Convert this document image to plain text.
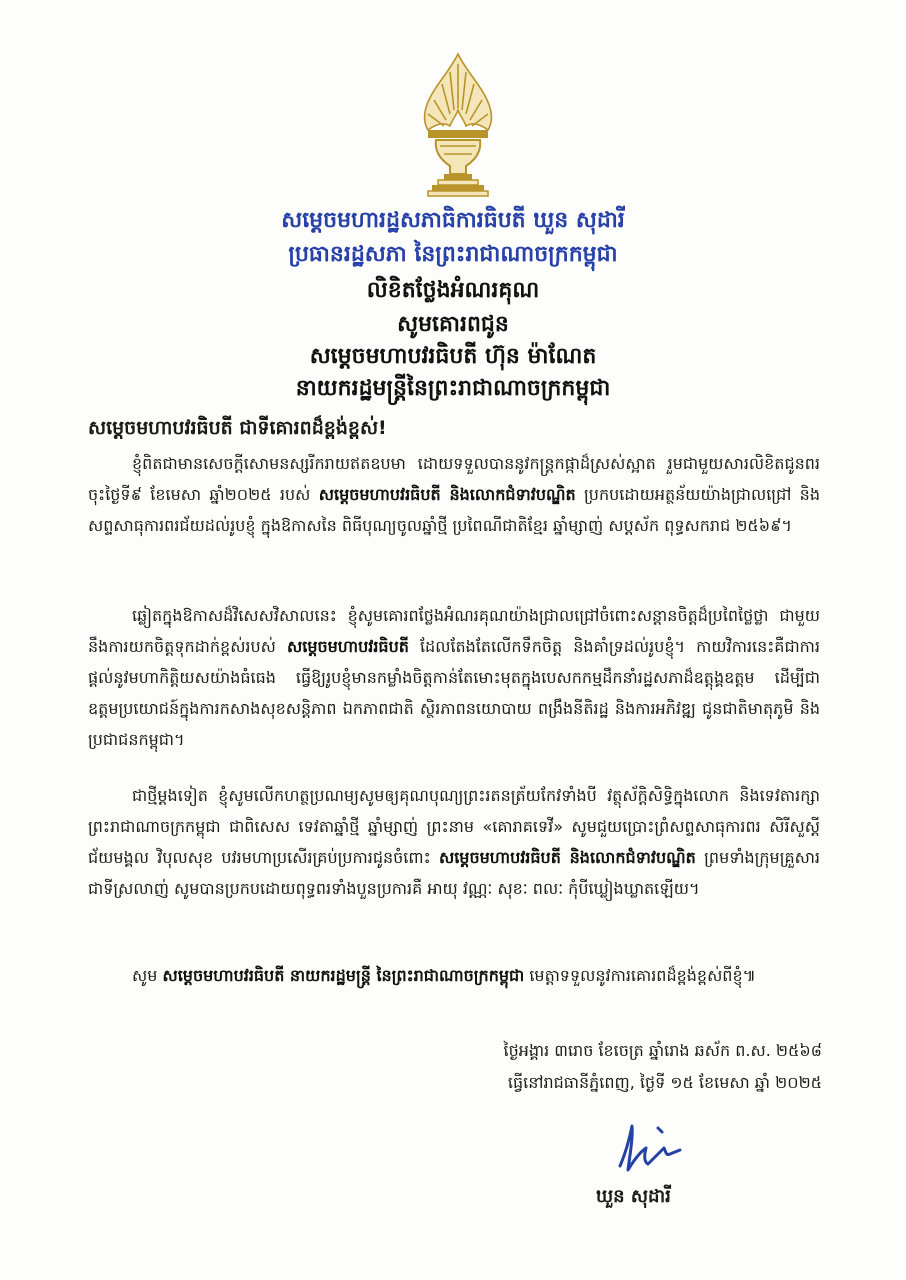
សម្តេចមហារដ្ឋសភាធិការធិបតី ឃួន សុដារី
ប្រធានរដ្ឋសភា នៃព្រះរាជាណាចក្រកម្ពុជា
លិខិតថ្លែងអំណរគុណ
សូមគោរពជូន
សម្តេចមហាបវរធិបតី ហ៊ុន ម៉ាណែត
នាយករដ្ឋមន្ត្រីនៃព្រះរាជាណាចក្រកម្ពុជា
សម្តេចមហាបវរធិបតី ជាទីគោរពដ៏ខ្ពង់ខ្ពស់!
ខ្ញុំពិតជាមានសេចក្តីសោមនស្សរីករាយឥតឧបមា ដោយទទួលបាននូវកន្ត្រកផ្កាដ៏ស្រស់ស្អាត រួមជាមួយសារលិខិតជូនពរចុះថ្ងៃទី៩ ខែមេសា ឆ្នាំ២០២៥ របស់ សម្តេចមហាបវរធិបតី និងលោកជំទាវបណ្ឌិត ប្រកបដោយអត្ថន័យយ៉ាងជ្រាលជ្រៅ និងសព្ទសាធុការពរជ័យដល់រូបខ្ញុំ ក្នុងឱកាសនៃ ពិធីបុណ្យចូលឆ្នាំថ្មី ប្រពៃណីជាតិខ្មែរ ឆ្នាំម្សាញ់ សប្តស័ក ពុទ្ធសករាជ ២៥៦៩។
ឆ្លៀតក្នុងឱកាសដ៏វិសេសវិសាលនេះ ខ្ញុំសូមគោរពថ្លែងអំណរគុណយ៉ាងជ្រាលជ្រៅចំពោះសន្តានចិត្តដ៏ប្រពៃថ្លៃថ្លា ជាមួយនឹងការយកចិត្តទុកដាក់ខ្ពស់របស់ សម្តេចមហាបវរធិបតី ដែលតែងតែលើកទឹកចិត្ត និងគាំទ្រដល់រូបខ្ញុំ។ កាយវិការនេះគឺជាការផ្តល់នូវមហាកិត្តិយសយ៉ាងធំធេង ធ្វើឱ្យរូបខ្ញុំមានកម្លាំងចិត្តកាន់តែមោះមុតក្នុងបេសកកម្មដឹកនាំរដ្ឋសភាដ៏ឧត្តុង្គឧត្តម ដើម្បីជាឧត្តមប្រយោជន៍ក្នុងការកសាងសុខសន្តិភាព ឯកភាពជាតិ ស្ថិរភាពនយោបាយ ពង្រឹងនីតិរដ្ឋ និងការអភិវឌ្ឍ ជូនជាតិមាតុភូមិ និងប្រជាជនកម្ពុជា។
ជាថ្មីម្តងទៀត ខ្ញុំសូមលើកហត្ថប្រណម្យសូមឲ្យគុណបុណ្យព្រះរតនត្រ័យកែវទាំងបី វត្ថុស័ក្តិសិទ្ធិក្នុងលោក និងទេវតារក្សាព្រះរាជាណាចក្រកម្ពុជា ជាពិសេស ទេវតាឆ្នាំថ្មី ឆ្នាំម្សាញ់ ព្រះនាម «គោរាគទេវី» សូមជួយប្រោះព្រំសព្ទសាធុការពរ សិរីសួស្តី ជ័យមង្គល វិបុលសុខ បវរមហាប្រសើរគ្រប់ប្រការជូនចំពោះ សម្តេចមហាបវរធិបតី និងលោកជំទាវបណ្ឌិត ព្រមទាំងក្រុមគ្រួសារជាទីស្រលាញ់ សូមបានប្រកបដោយពុទ្ធពរទាំងបួនប្រការគឺ អាយុ វណ្ណៈ សុខៈ ពលៈ កុំបីឃ្លៀងឃ្លាតឡើយ។
សូម សម្តេចមហាបវរធិបតី នាយករដ្ឋមន្ត្រី នៃព្រះរាជាណាចក្រកម្ពុជា មេត្តាទទួលនូវការគោរពដ៏ខ្ពង់ខ្ពស់ពីខ្ញុំ៕
ថ្ងៃអង្គារ ៣រោច ខែចេត្រ ឆ្នាំរោង ឆស័ក ព.ស. ២៥៦៨
ធ្វើនៅរាជធានីភ្នំពេញ, ថ្ងៃទី ១៥ ខែមេសា ឆ្នាំ ២០២៥
ឃួន សុដារី
